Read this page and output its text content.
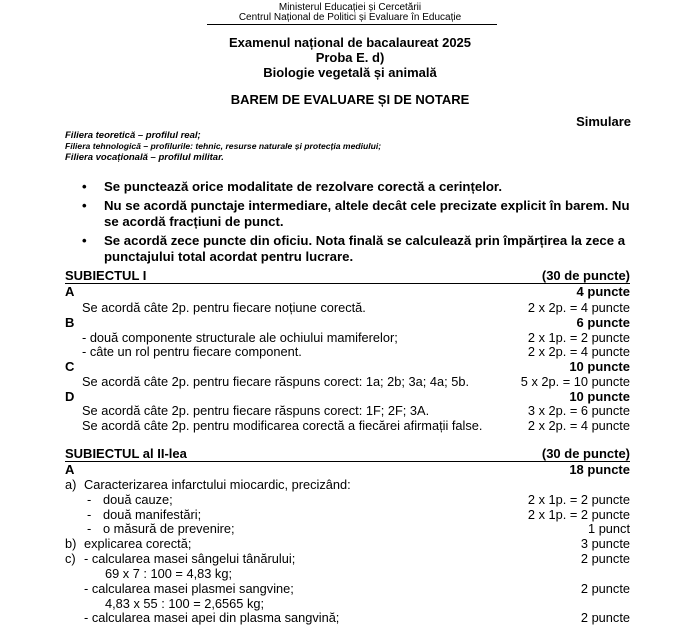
Ministerul Educației și Cercetării
Centrul Național de Politici și Evaluare în Educație
Examenul național de bacalaureat 2025
Proba E. d)
Biologie vegetală și animală
BAREM DE EVALUARE ȘI DE NOTARE
Simulare
Filiera teoretică – profilul real;
Filiera tehnologică – profilurile: tehnic, resurse naturale și protecția mediului;
Filiera vocațională – profilul militar.
• Se punctează orice modalitate de rezolvare corectă a cerințelor.
• Nu se acordă punctaje intermediare, altele decât cele precizate explicit în barem. Nu se acordă fracțiuni de punct.
• Se acordă zece puncte din oficiu. Nota finală se calculează prin împărțirea la zece a punctajului total acordat pentru lucrare.
SUBIECTUL I	(30 de puncte)
A	4 puncte
Se acordă câte 2p. pentru fiecare noțiune corectă.	2 x 2p. = 4 puncte
B	6 puncte
- două componente structurale ale ochiului mamiferelor;	2 x 1p. = 2 puncte
- câte un rol pentru fiecare component.	2 x 2p. = 4 puncte
C	10 puncte
Se acordă câte 2p. pentru fiecare răspuns corect: 1a; 2b; 3a; 4a; 5b.	5 x 2p. = 10 puncte
D	10 puncte
Se acordă câte 2p. pentru fiecare răspuns corect: 1F; 2F; 3A.	3 x 2p. = 6 puncte
Se acordă câte 2p. pentru modificarea corectă a fiecărei afirmații false.	2 x 2p. = 4 puncte
SUBIECTUL al II-lea	(30 de puncte)
A	18 puncte
a) Caracterizarea infarctului miocardic, precizând:
- două cauze;	2 x 1p. = 2 puncte
- două manifestări;	2 x 1p. = 2 puncte
- o măsură de prevenire;	1 punct
b) explicarea corectă;	3 puncte
c) - calcularea masei sângelui tânărului;	2 puncte
69 x 7 : 100 = 4,83 kg;
- calcularea masei plasmei sangvine;	2 puncte
4,83 x 55 : 100 = 2,6565 kg;
- calcularea masei apei din plasma sangvină;	2 puncte
